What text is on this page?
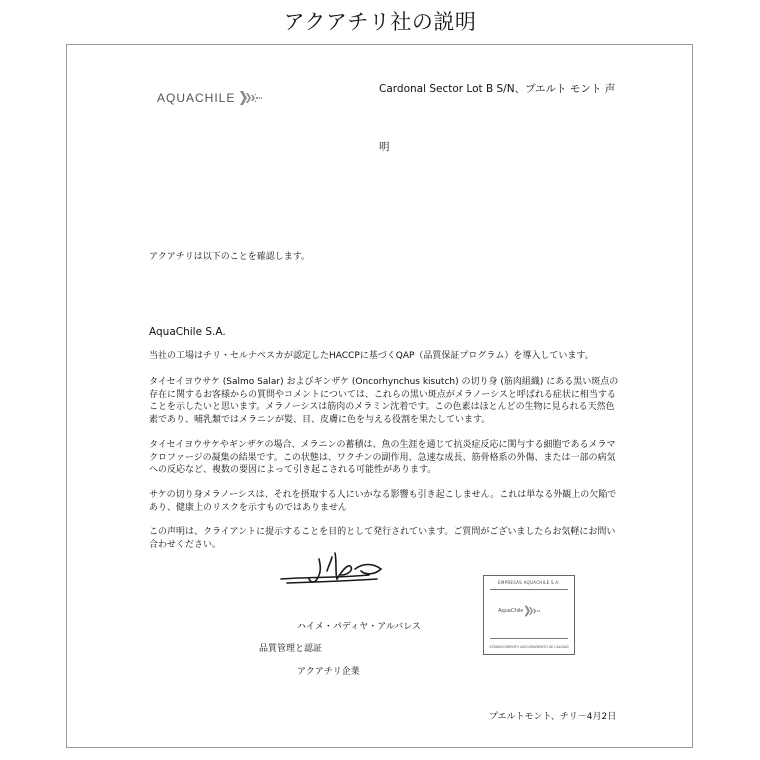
アクアチリ社の説明
AQUACHILE
Cardonal Sector Lot B S/N、プエルト モント 声
明
アクアチリは以下のことを確認します。
AquaChile S.A.
当社の工場はチリ・セルナペスカが認定したHACCPに基づくQAP（品質保証プログラム）を導入しています。
タイセイヨウサケ (Salmo Salar) およびギンザケ (Oncorhynchus kisutch) の切り身 (筋肉組織) にある黒い斑点の存在に関するお客様からの質問やコメントについては、これらの黒い斑点がメラノーシスと呼ばれる症状に相当することを示したいと思います。メラノーシスは筋肉のメラミン沈着です。この色素はほとんどの生物に見られる天然色素であり、哺乳類ではメラニンが髪、目、皮膚に色を与える役割を果たしています。
タイセイヨウサケやギンザケの場合、メラニンの蓄積は、魚の生涯を通じて抗炎症反応に関与する細胞であるメラマクロファージの凝集の結果です。この状態は、ワクチンの副作用、急速な成長、筋骨格系の外傷、または一部の病気への反応など、複数の要因によって引き起こされる可能性があります。
サケの切り身メラノーシスは、それを摂取する人にいかなる影響も引き起こしません。これは単なる外観上の欠陥であり、健康上のリスクを示すものではありません
この声明は、クライアントに提示することを目的として発行されています。ご質問がございましたらお気軽にお問い合わせください。
EMPRESAS AQUACHILE S.A.
AquaChile
ESTABLECIMIENTO ASEGURAMIENTO DE CALIDAD
ハイメ・パディヤ・アルバレス
品質管理と認証
アクアチリ企業
プエルトモント、チリ－4月2日
